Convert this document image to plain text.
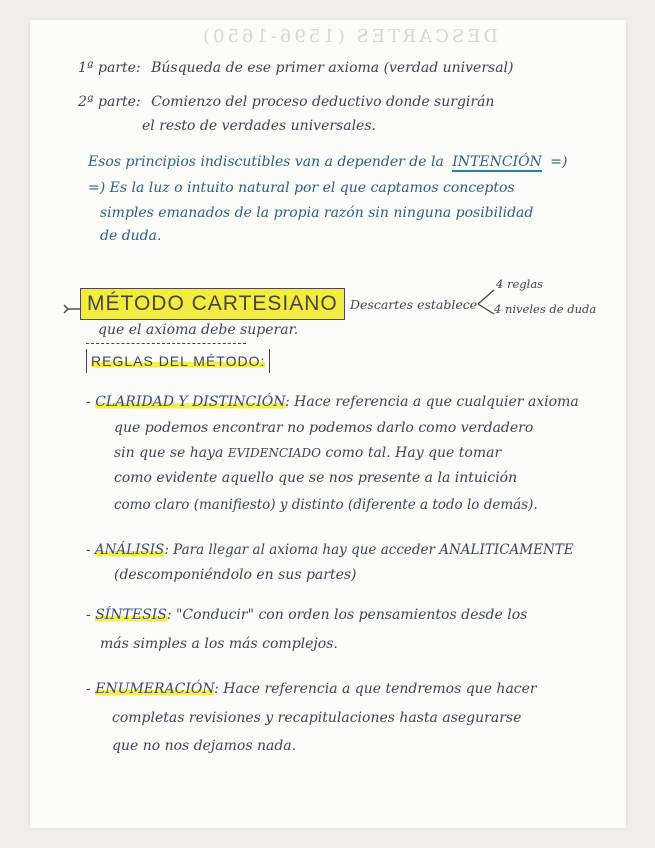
DESCARTES (1596-1650)
1ª parte: Búsqueda de ese primer axioma (verdad universal)
2ª parte: Comienzo del proceso deductivo donde surgirán
el resto de verdades universales.
Esos principios indiscutibles van a depender de la INTENCIÓN =)
=) Es la luz o intuito natural por el que captamos conceptos
simples emanados de la propia razón sin ninguna posibilidad
de duda.
MÉTODO CARTESIANO Descartes establece
4 reglas
4 niveles de duda
que el axioma debe superar.
REGLAS DEL MÉTODO:
- CLARIDAD Y DISTINCIÓN: Hace referencia a que cualquier axioma
que podemos encontrar no podemos darlo como verdadero
sin que se haya EVIDENCIADO como tal. Hay que tomar
como evidente aquello que se nos presente a la intuición
como claro (manifiesto) y distinto (diferente a todo lo demás).
- ANÁLISIS: Para llegar al axioma hay que acceder ANALITICAMENTE
(descomponiéndolo en sus partes)
- SÍNTESIS: "Conducir" con orden los pensamientos desde los
más simples a los más complejos.
- ENUMERACIÓN: Hace referencia a que tendremos que hacer
completas revisiones y recapitulaciones hasta asegurarse
que no nos dejamos nada.
